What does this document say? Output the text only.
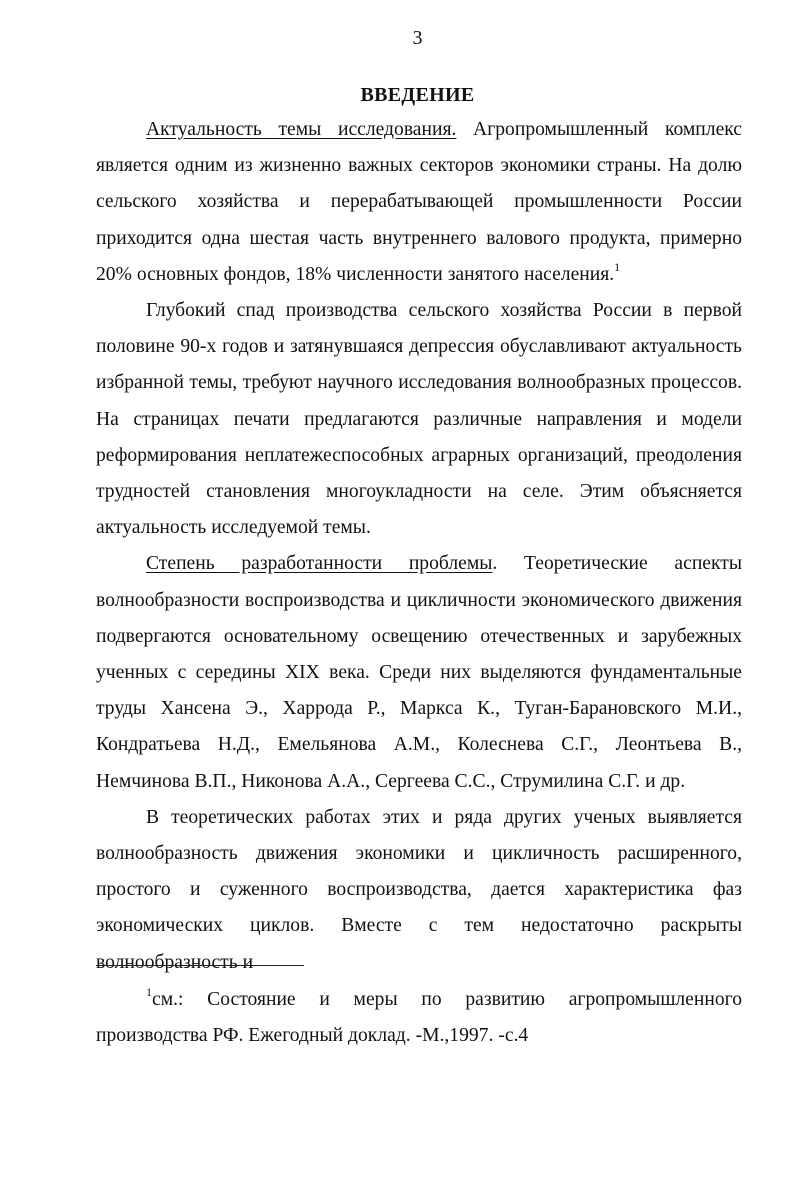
3
ВВЕДЕНИЕ

Актуальность темы исследования. Агропромышленный комплекс является одним из жизненно важных секторов экономики страны. На долю сельского хозяйства и перерабатывающей промышленности России приходится одна шестая часть внутреннего валового продукта, примерно 20% основных фондов, 18% численности занятого населения.$^1$

Глубокий спад производства сельского хозяйства России в первой половине 90-х годов и затянувшаяся депрессия обуславливают актуальность избранной темы, требуют научного исследования волнообразных процессов. На страницах печати предлагаются различные направления и модели реформирования неплатежеспособных аграрных организаций, преодоления трудностей становления многоукладности на селе. Этим объясняется актуальность исследуемой темы.

Степень разработанности проблемы. Теоретические аспекты волнообразности воспроизводства и цикличности экономического движения подвергаются основательному освещению отечественных и зарубежных ученных с середины XIX века. Среди них выделяются фундаментальные труды Хансена Э., Харрода Р., Маркса К., Туган-Барановского М.И., Кондратьева Н.Д., Емельянова А.М., Колеснева С.Г., Леонтьева В., Немчинова В.П., Никонова А.А., Сергеева С.С., Струмилина С.Г. и др.

В теоретических работах этих и ряда других ученых выявляется волнообразность движения экономики и цикличность расширенного, простого и суженного воспроизводства, дается характеристика фаз экономических циклов. Вместе с тем недостаточно раскрыты волнообразность и

$^1$см.: Состояние и меры по развитию агропромышленного производства РФ. Ежегодный доклад. -М.,1997. -с.4
